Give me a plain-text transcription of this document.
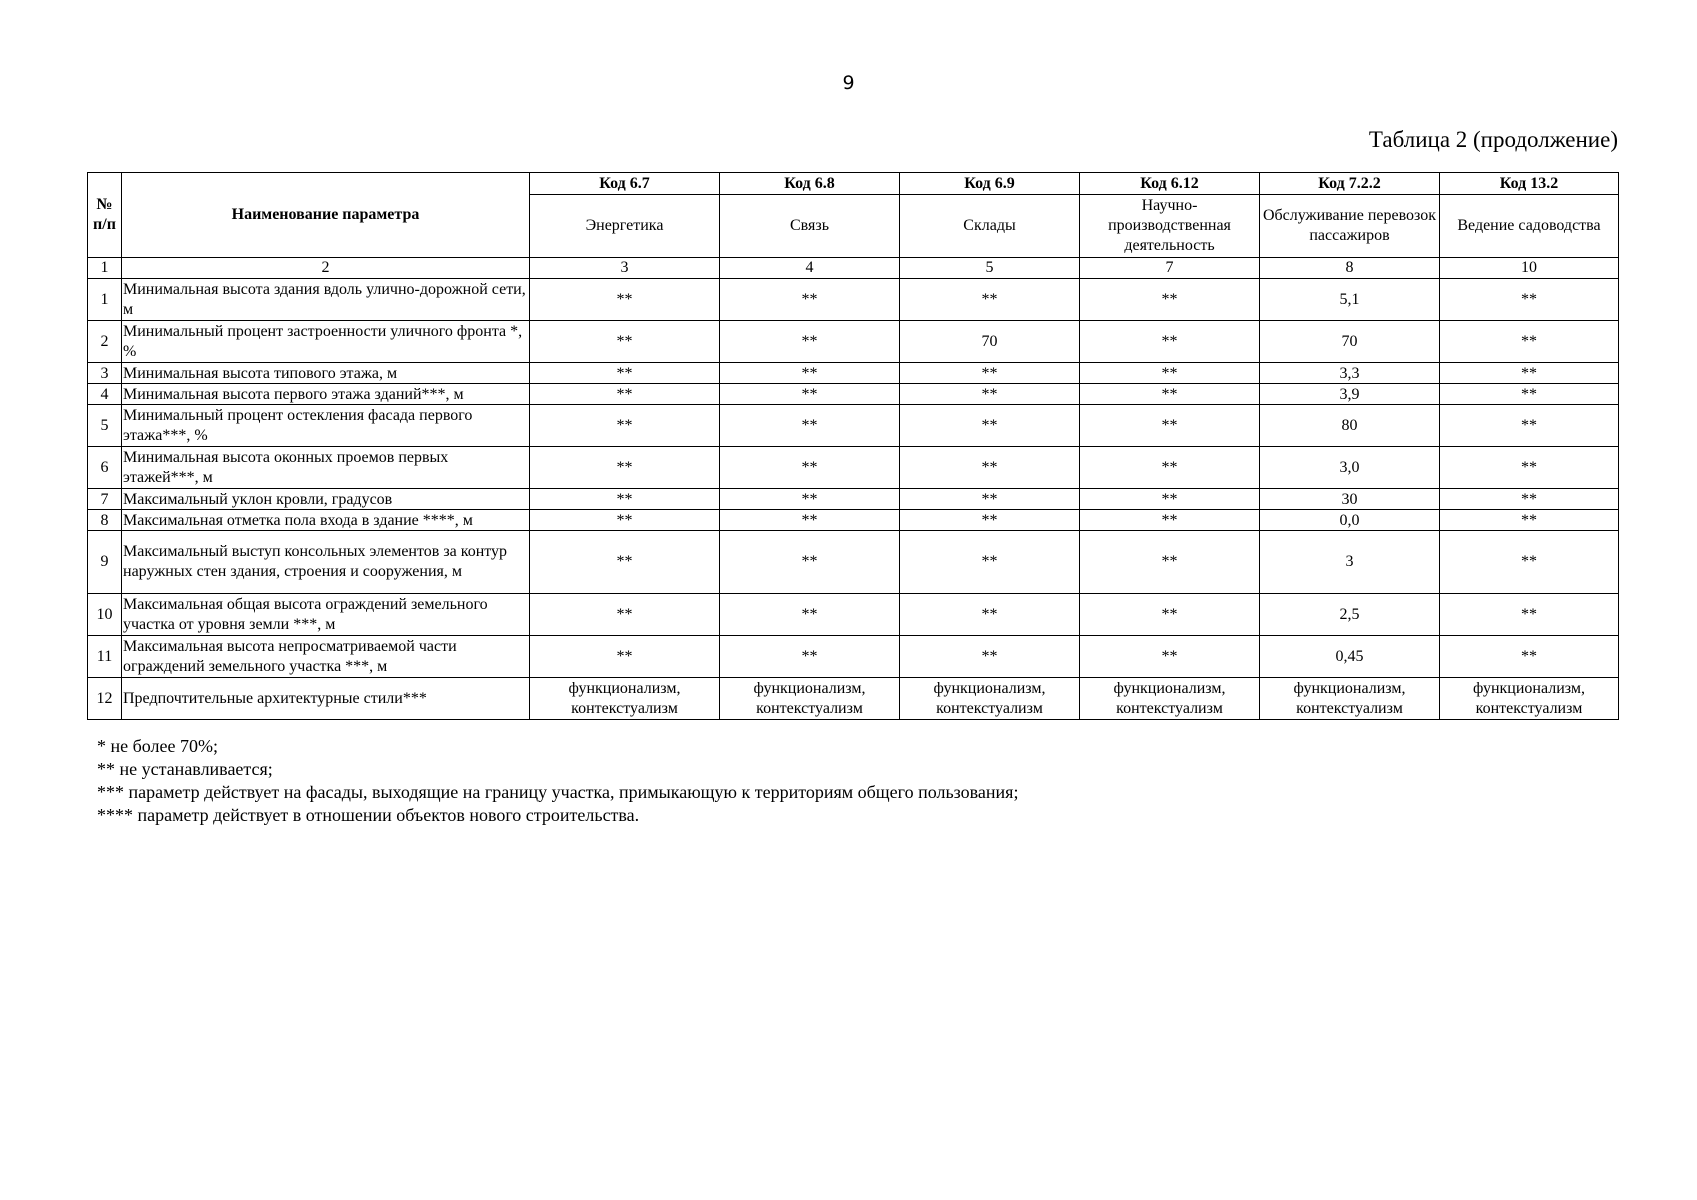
9
Таблица 2 (продолжение)
№ п/п	Наименование параметра	Код 6.7	Код 6.8	Код 6.9	Код 6.12	Код 7.2.2	Код 13.2
		Энергетика	Связь	Склады	Научно-производственная деятельность	Обслуживание перевозок пассажиров	Ведение садоводства
1	2	3	4	5	7	8	10
1	Минимальная высота здания вдоль улично-дорожной сети, м	**	**	**	**	5,1	**
2	Минимальный процент застроенности уличного фронта *, %	**	**	70	**	70	**
3	Минимальная высота типового этажа, м	**	**	**	**	3,3	**
4	Минимальная высота первого этажа зданий***, м	**	**	**	**	3,9	**
5	Минимальный процент остекления фасада первого этажа***, %	**	**	**	**	80	**
6	Минимальная высота оконных проемов первых этажей***, м	**	**	**	**	3,0	**
7	Максимальный уклон кровли, градусов	**	**	**	**	30	**
8	Максимальная отметка пола входа в здание ****, м	**	**	**	**	0,0	**
9	Максимальный выступ консольных элементов за контур наружных стен здания, строения и сооружения, м	**	**	**	**	3	**
10	Максимальная общая высота ограждений земельного участка от уровня земли ***, м	**	**	**	**	2,5	**
11	Максимальная высота непросматриваемой части ограждений земельного участка ***, м	**	**	**	**	0,45	**
12	Предпочтительные архитектурные стили***	функционализм, контекстуализм	функционализм, контекстуализм	функционализм, контекстуализм	функционализм, контекстуализм	функционализм, контекстуализм	функционализм, контекстуализм
* не более 70%;
** не устанавливается;
*** параметр действует на фасады, выходящие на границу участка, примыкающую к территориям общего пользования;
**** параметр действует в отношении объектов нового строительства.
